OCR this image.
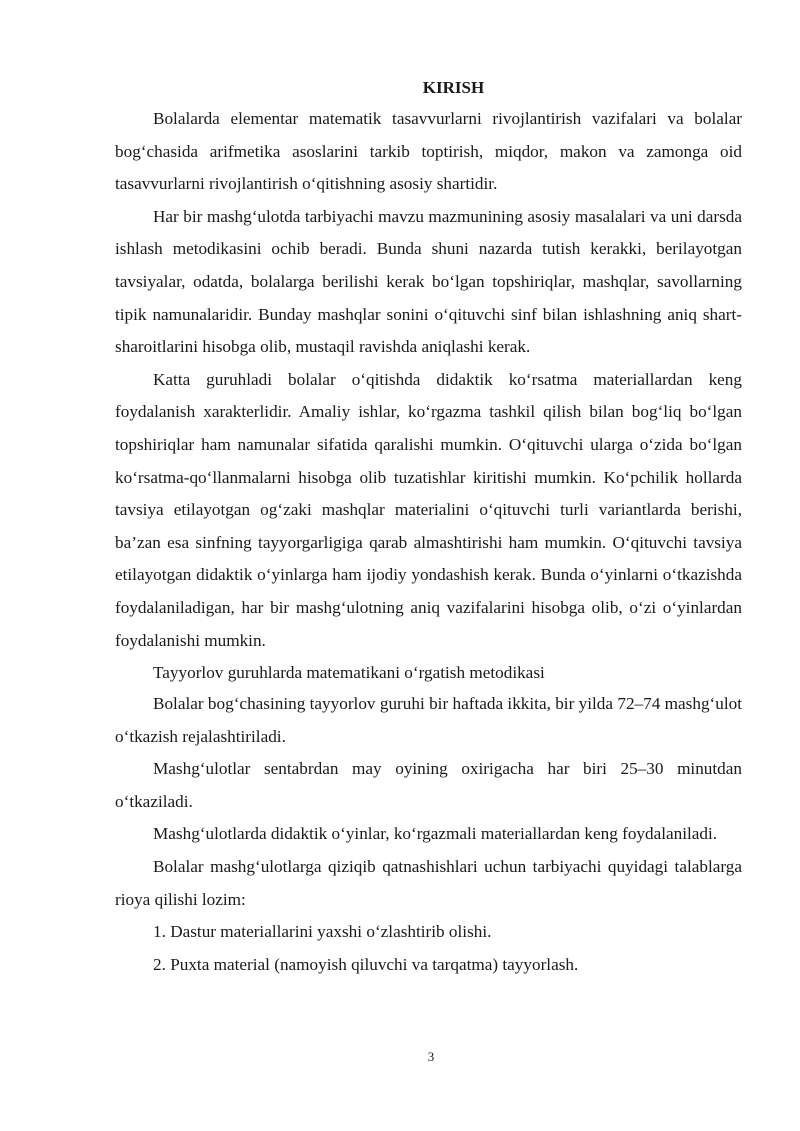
KIRISH

Bolalarda elementar matematik tasavvurlarni rivojlantirish vazifalari va bolalar bog‘chasida arifmetika asoslarini tarkib toptirish, miqdor, makon va zamonga oid tasavvurlarni rivojlantirish o‘qitishning asosiy shartidir.

Har bir mashg‘ulotda tarbiyachi mavzu mazmunining asosiy masalalari va uni darsda ishlash metodikasini ochib beradi. Bunda shuni nazarda tutish kerakki, berilayotgan tavsiyalar, odatda, bolalarga berilishi kerak bo‘lgan topshiriqlar, mashqlar, savollarning tipik namunalaridir. Bunday mashqlar sonini o‘qituvchi sinf bilan ishlashning aniq shart-sharoitlarini hisobga olib, mustaqil ravishda aniqlashi kerak.

Katta guruhladi bolalar o‘qitishda didaktik ko‘rsatma materiallardan keng foydalanish xarakterlidir. Amaliy ishlar, ko‘rgazma tashkil qilish bilan bog‘liq bo‘lgan topshiriqlar ham namunalar sifatida qaralishi mumkin. O‘qituvchi ularga o‘zida bo‘lgan ko‘rsatma-qo‘llanmalarni hisobga olib tuzatishlar kiritishi mumkin. Ko‘pchilik hollarda tavsiya etilayotgan og‘zaki mashqlar materialini o‘qituvchi turli variantlarda berishi, ba’zan esa sinfning tayyorgarligiga qarab almashtirishi ham mumkin. O‘qituvchi tavsiya etilayotgan didaktik o‘yinlarga ham ijodiy yondashish kerak. Bunda o‘yinlarni o‘tkazishda foydalaniladigan, har bir mashg‘ulotning aniq vazifalarini hisobga olib, o‘zi o‘yinlardan foydalanishi mumkin.

Tayyorlov guruhlarda matematikani o‘rgatish metodikasi

Bolalar bog‘chasining tayyorlov guruhi bir haftada ikkita, bir yilda 72–74 mashg‘ulot o‘tkazish rejalashtiriladi.

Mashg‘ulotlar sentabrdan may oyining oxirigacha har biri 25–30 minutdan o‘tkaziladi.

Mashg‘ulotlarda didaktik o‘yinlar, ko‘rgazmali materiallardan keng foydalaniladi.

Bolalar mashg‘ulotlarga qiziqib qatnashishlari uchun tarbiyachi quyidagi talablarga rioya qilishi lozim:

1. Dastur materiallarini yaxshi o‘zlashtirib olishi.

2. Puxta material (namoyish qiluvchi va tarqatma) tayyorlash.

3
